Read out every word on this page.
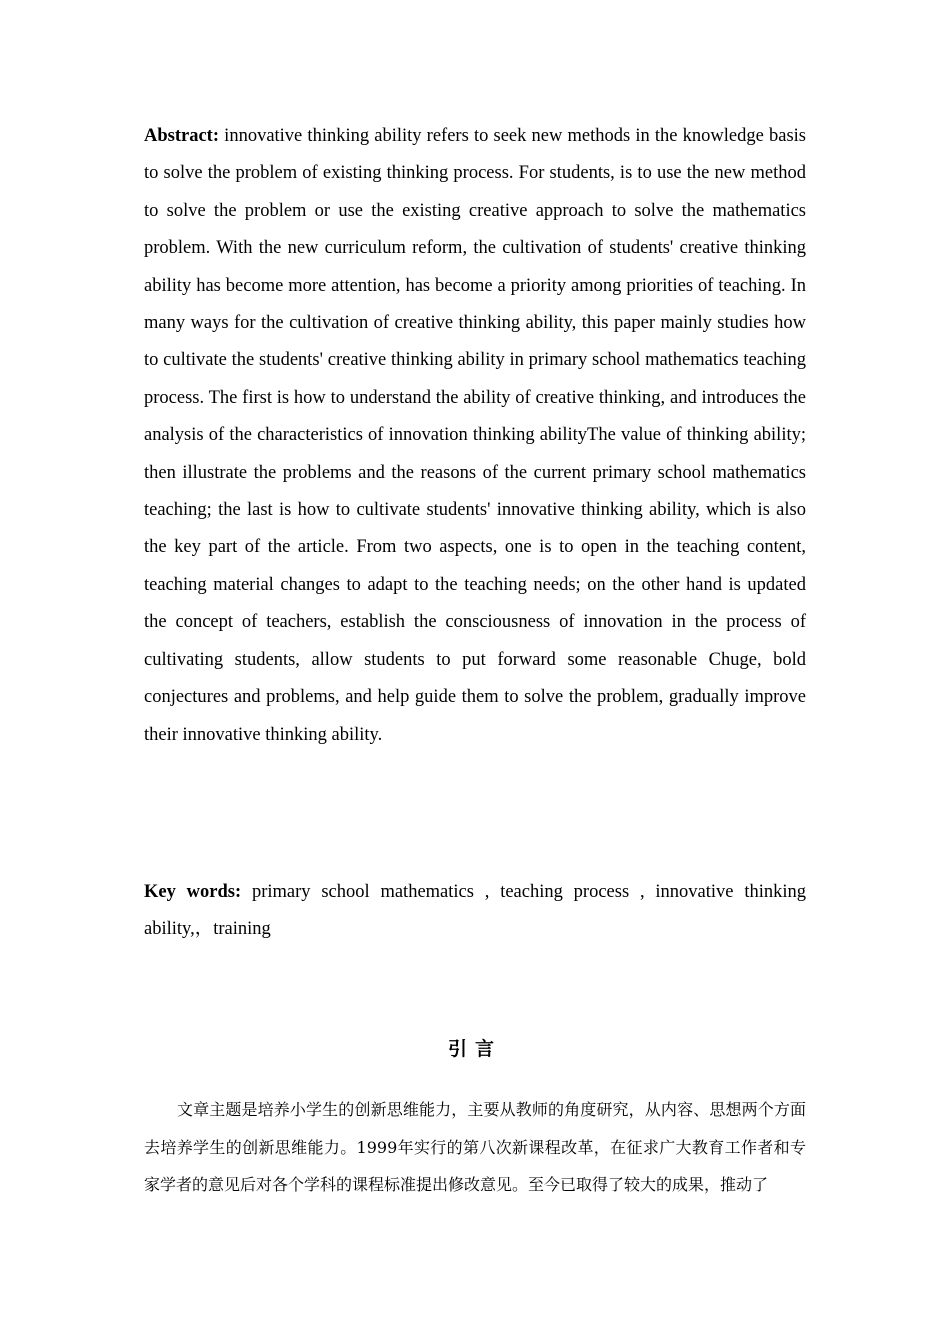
Abstract: innovative thinking ability refers to seek new methods in the knowledge basis to solve the problem of existing thinking process. For students, is to use the new method to solve the problem or use the existing creative approach to solve the mathematics problem. With the new curriculum reform, the cultivation of students' creative thinking ability has become more attention, has become a priority among priorities of teaching. In many ways for the cultivation of creative thinking ability, this paper mainly studies how to cultivate the students' creative thinking ability in primary school mathematics teaching process. The first is how to understand the ability of creative thinking, and introduces the analysis of the characteristics of innovation thinking abilityThe value of thinking ability; then illustrate the problems and the reasons of the current primary school mathematics teaching; the last is how to cultivate students' innovative thinking ability, which is also the key part of the article. From two aspects, one is to open in the teaching content, teaching material changes to adapt to the teaching needs; on the other hand is updated the concept of teachers, establish the consciousness of innovation in the process of cultivating students, allow students to put forward some reasonable Chuge, bold conjectures and problems, and help guide them to solve the problem, gradually improve their innovative thinking ability.

Key words: primary school mathematics , teaching process , innovative thinking ability,，training

引言

文章主题是培养小学生的创新思维能力，主要从教师的角度研究，从内容、思想两个方面去培养学生的创新思维能力。1999年实行的第八次新课程改革，在征求广大教育工作者和专家学者的意见后对各个学科的课程标准提出修改意见。至今已取得了较大的成果，推动了
